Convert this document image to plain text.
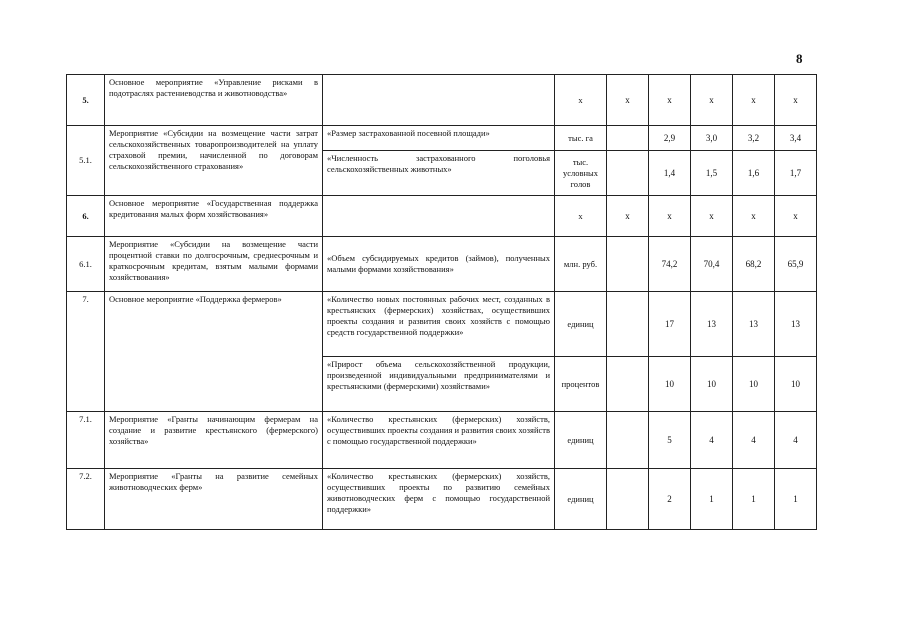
8
5.	Основное мероприятие «Управление рисками в подотраслях растениеводства и животноводства»		х	х	х	х	х	х
5.1.	Мероприятие «Субсидии на возмещение части затрат сельскохозяйственных товаропроизводителей на уплату страховой премии, начисленной по договорам сельскохозяйственного страхования»	«Размер застрахованной посевной площади»	тыс. га		2,9	3,0	3,2	3,4
		«Численность застрахованного поголовья сельскохозяйственных животных»	тыс. условных голов		1,4	1,5	1,6	1,7
6.	Основное мероприятие «Государственная поддержка кредитования малых форм хозяйствования»		х	х	х	х	х	х
6.1.	Мероприятие «Субсидии на возмещение части процентной ставки по долгосрочным, среднесрочным и краткосрочным кредитам, взятым малыми формами хозяйствования»	«Объем субсидируемых кредитов (займов), полученных малыми формами хозяйствования»	млн. руб.		74,2	70,4	68,2	65,9
7.	Основное мероприятие «Поддержка фермеров»	«Количество новых постоянных рабочих мест, созданных в крестьянских (фермерских) хозяйствах, осуществивших проекты создания и развития своих хозяйств с помощью средств государственной поддержки»	единиц		17	13	13	13
		«Прирост объема сельскохозяйственной продукции, произведенной индивидуальными предпринимателями и крестьянскими (фермерскими) хозяйствами»	процентов		10	10	10	10
7.1.	Мероприятие «Гранты начинающим фермерам на создание и развитие крестьянского (фермерского) хозяйства»	«Количество крестьянских (фермерских) хозяйств, осуществивших проекты создания и развития своих хозяйств с помощью государственной поддержки»	единиц		5	4	4	4
7.2.	Мероприятие «Гранты на развитие семейных животноводческих ферм»	«Количество крестьянских (фермерских) хозяйств, осуществивших проекты по развитию семейных животноводческих ферм с помощью государственной поддержки»	единиц		2	1	1	1
